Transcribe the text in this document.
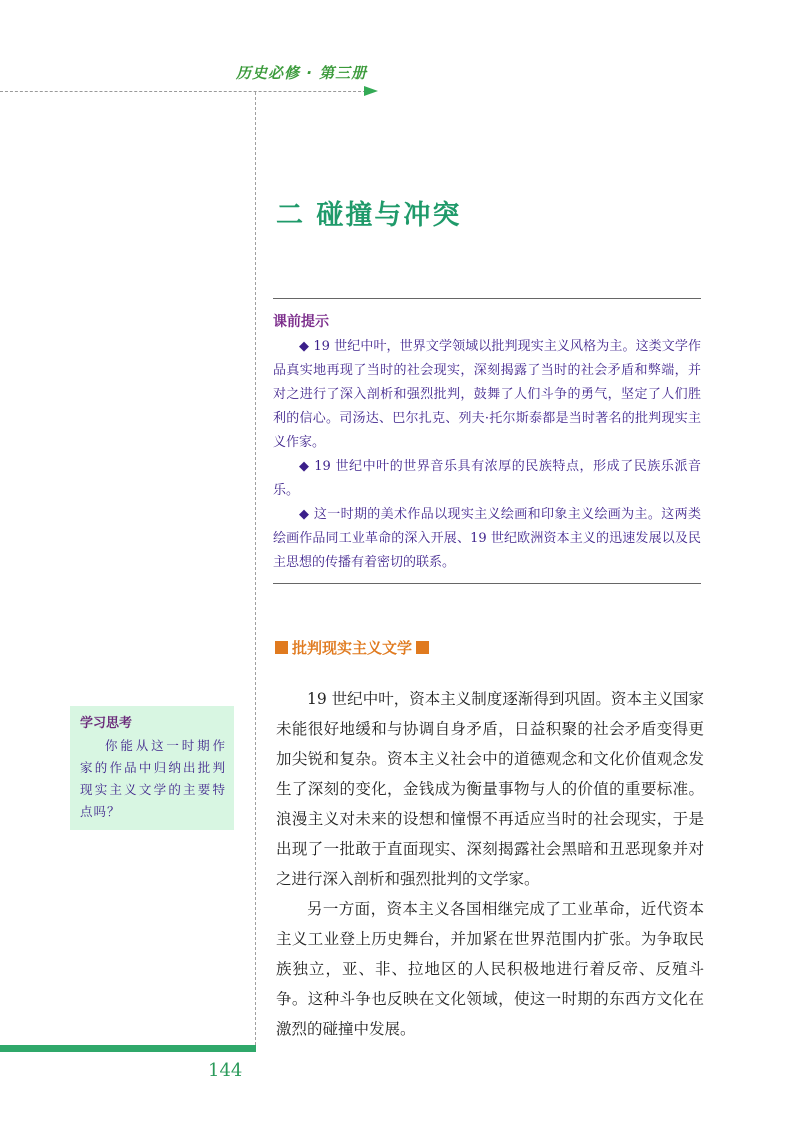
历史必修 · 第三册
二 碰撞与冲突
课前提示

◆ 19 世纪中叶，世界文学领域以批判现实主义风格为主。这类文学作品真实地再现了当时的社会现实，深刻揭露了当时的社会矛盾和弊端，并对之进行了深入剖析和强烈批判，鼓舞了人们斗争的勇气，坚定了人们胜利的信心。司汤达、巴尔扎克、列夫·托尔斯泰都是当时著名的批判现实主义作家。

◆ 19 世纪中叶的世界音乐具有浓厚的民族特点，形成了民族乐派音乐。

◆ 这一时期的美术作品以现实主义绘画和印象主义绘画为主。这两类绘画作品同工业革命的深入开展、19 世纪欧洲资本主义的迅速发展以及民主思想的传播有着密切的联系。

批判现实主义文学

19 世纪中叶，资本主义制度逐渐得到巩固。资本主义国家未能很好地缓和与协调自身矛盾，日益积聚的社会矛盾变得更加尖锐和复杂。资本主义社会中的道德观念和文化价值观念发生了深刻的变化，金钱成为衡量事物与人的价值的重要标准。浪漫主义对未来的设想和憧憬不再适应当时的社会现实，于是出现了一批敢于直面现实、深刻揭露社会黑暗和丑恶现象并对之进行深入剖析和强烈批判的文学家。

另一方面，资本主义各国相继完成了工业革命，近代资本主义工业登上历史舞台，并加紧在世界范围内扩张。为争取民族独立，亚、非、拉地区的人民积极地进行着反帝、反殖斗争。这种斗争也反映在文化领域，使这一时期的东西方文化在激烈的碰撞中发展。

学习思考

你能从这一时期作家的作品中归纳出批判现实主义文学的主要特点吗？

144
